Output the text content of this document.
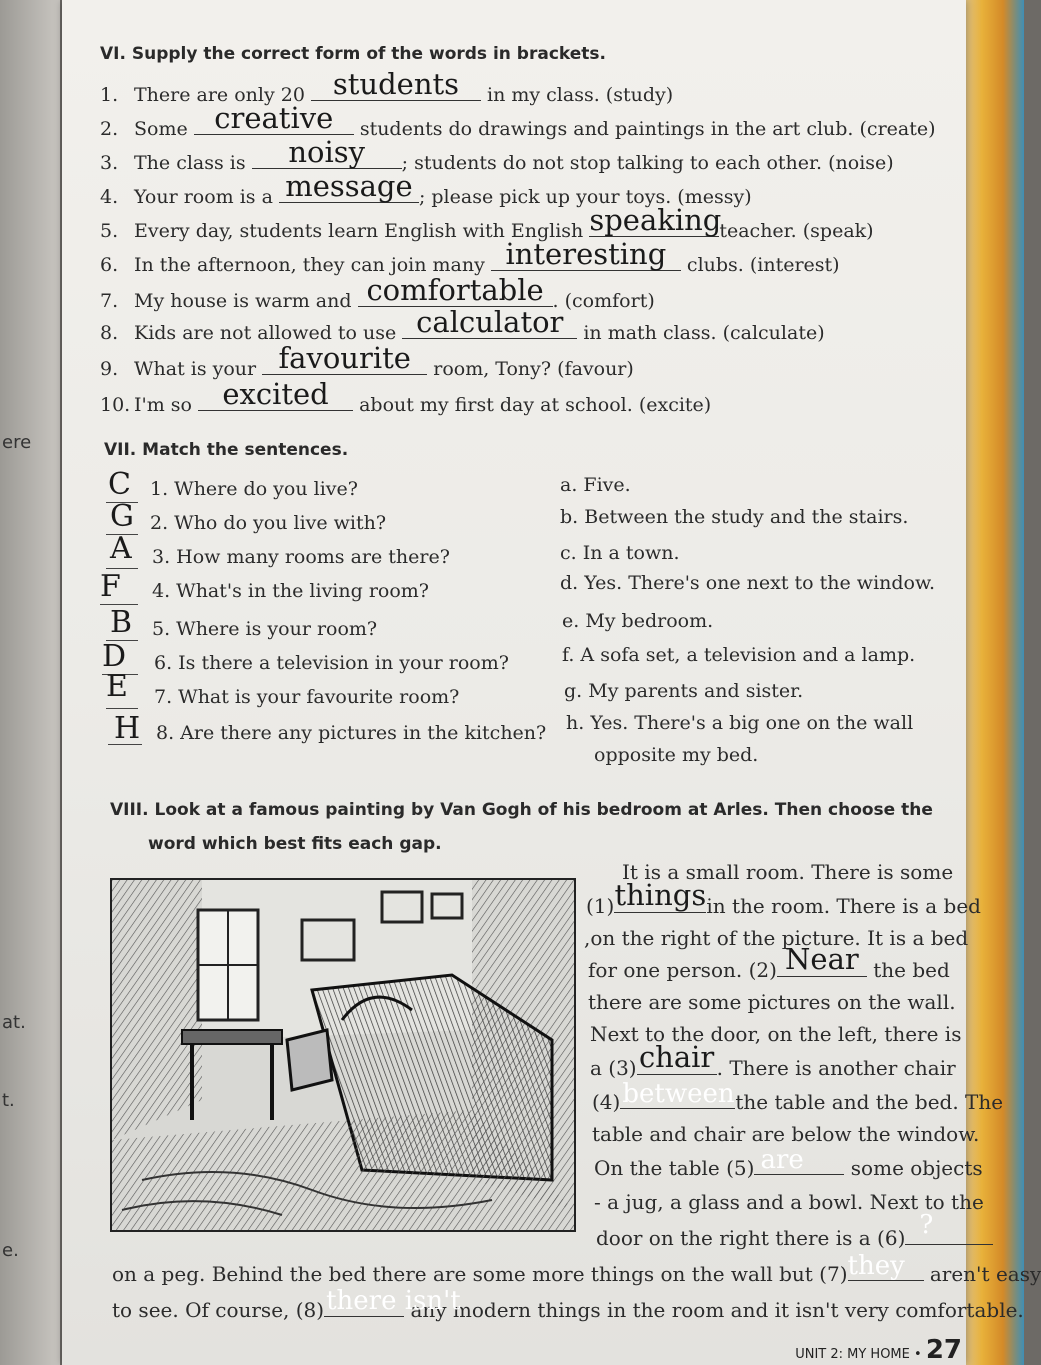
ere
at.
t.
e.
VI. Supply the correct form of the words in brackets.
1. There are only 20 students	in my class. (study)
2. Some creative	students do drawings and paintings in the art club. (create)
3. The class is	noisy	; students do not stop talking to each other. (noise)
4. Your room is a message ; please pick up your toys. (messy)
5. Every day, students learn English with English speaking
teacher. (speak)
6. In the afternoon, they can join many interesting	clubs. (interest)
7. My house is warm and comfortable . (comfort)
8. Kids are not allowed to use calculator	in math class. (calculate)
9. What is your favourite	room, Tony? (favour)
10. I'm so	excited	about my first day at school. (excite)
VII. Match the sentences.
C 1. Where do you live?
G 2. Who do you live with?
A 3. How many rooms are there?
F 4. What's in the living room?
B 5. Where is your room?
D 6. Is there a television in your room?
E 7. What is your favourite room?
H 8. Are there any pictures in the kitchen?
a. Five.
b. Between the study and the stairs.
c. In a town.
d. Yes. There's one next to the window.
e. My bedroom.
f. A sofa set, a television and a lamp.
g. My parents and sister.
h. Yes. There's a big one on the wall
opposite my bed.
VIII. Look at a famous painting by Van Gogh of his bedroom at Arles. Then choose the
word which best fits each gap.
It is a small room. There is some
(1) things in the room. There is a bed
,on the right of the picture. It is a bed
for one person. (2) Near the bed
there are some pictures on the wall.
Next to the door, on the left, there is
a (3) chair . There is another chair
(4) between the table and the bed. The
table and chair are below the window.
On the table (5) are some objects
- a jug, a glass and a bowl. Next to the
door on the right there is a (6) ?
on a peg. Behind the bed there are some more things on the wall but (7) they aren't easy
to see. Of course, (8) there isn't
any modern things in the room and it isn't very comfortable.
UNIT 2: MY HOME • 27
